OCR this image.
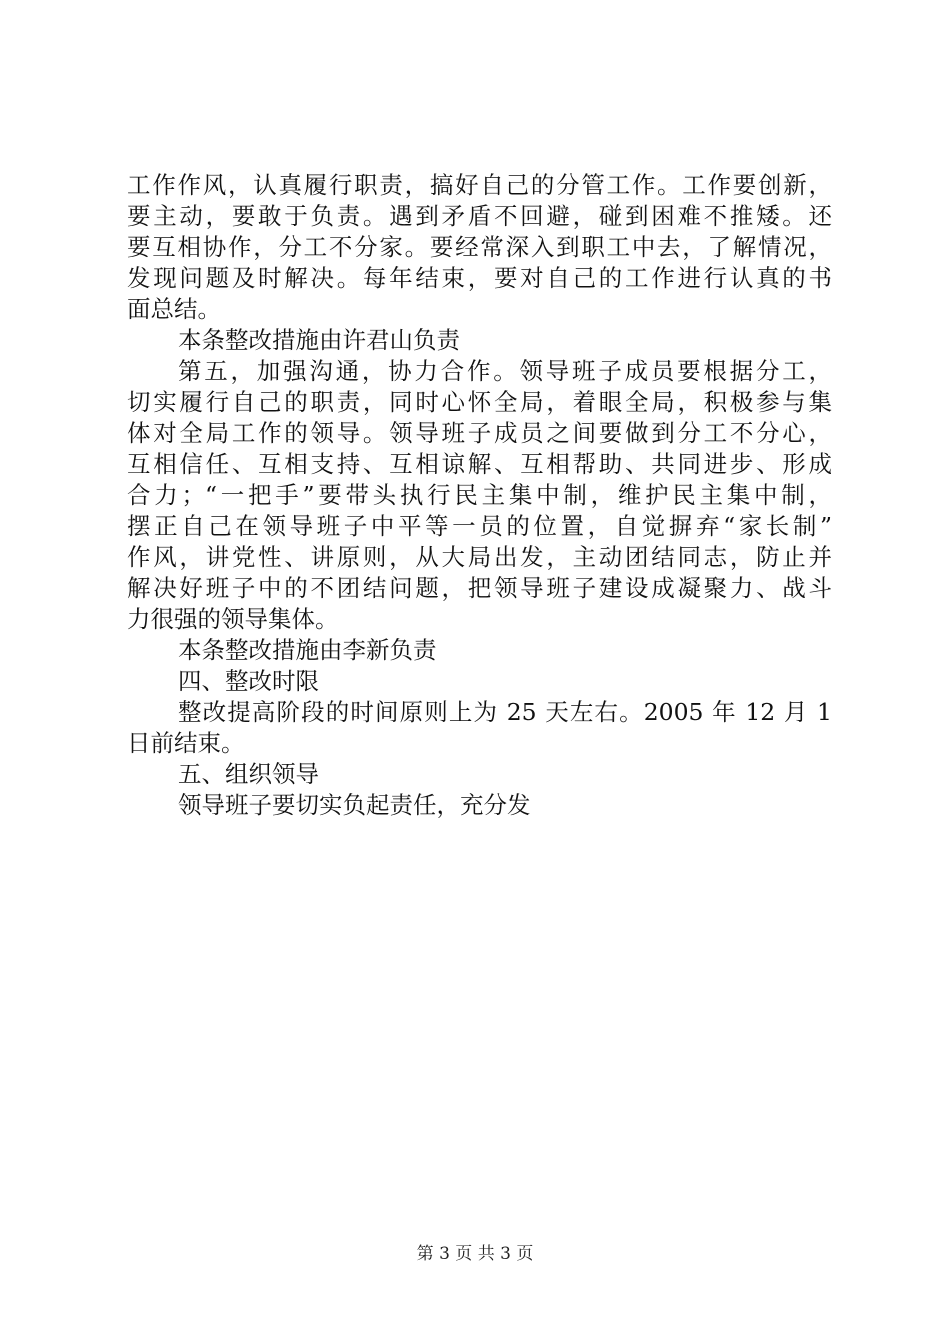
工作作风，认真履行职责，搞好自己的分管工作。工作要创新，
要主动，要敢于负责。遇到矛盾不回避，碰到困难不推矮。还
要互相协作，分工不分家。要经常深入到职工中去，了解情况，
发现问题及时解决。每年结束，要对自己的工作进行认真的书
面总结。
本条整改措施由许君山负责
第五，加强沟通，协力合作。领导班子成员要根据分工，
切实履行自己的职责，同时心怀全局，着眼全局，积极参与集
体对全局工作的领导。领导班子成员之间要做到分工不分心，
互相信任、互相支持、互相谅解、互相帮助、共同进步、形成
合力；“一把手”要带头执行民主集中制，维护民主集中制，
摆正自己在领导班子中平等一员的位置，自觉摒弃“家长制”
作风，讲党性、讲原则，从大局出发，主动团结同志，防止并
解决好班子中的不团结问题，把领导班子建设成凝聚力、战斗
力很强的领导集体。
本条整改措施由李新负责
四、整改时限
整改提高阶段的时间原则上为 25 天左右。2005 年 12 月 1
日前结束。
五、组织领导
领导班子要切实负起责任，充分发
第 3 页 共 3 页
